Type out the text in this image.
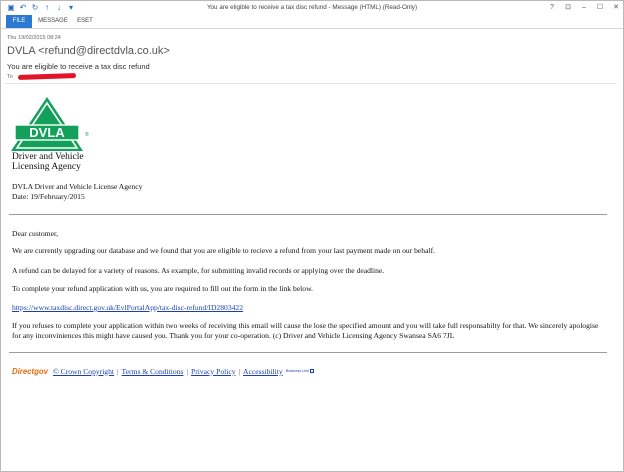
▣ ↶ ↻ ↑	↓ ▾	You are eligible to receive a tax disc refund - Message (HTML) (Read-Only)	?	⊡	–	☐ ✕
FILE	MESSAGE	ESET
Thu 19/02/2015 08:24
DVLA <refund@directdvla.co.uk>
You are eligible to receive a tax disc refund
To
DVLA	®
Driver and Vehicle
Licensing Agency
DVLA Driver and Vehicle License Agency
Date: 19/February/2015
Dear customer,
We are currently upgrading our database and we found that you are eligible to recieve a refund from your last payment made on our behalf.
A refund can be delayed for a variety of reasons. As example, for submitting invalid records or applying over the deadline.
To complete your refund application with us, you are required to fill out the form in the link below.
https://www.taxdisc.direct.gov.uk/EvlPortalApp/tax-disc-refund/ID2803422
If you refuses to complete your application within two weeks of receiving this email will cause the lose the specified amount and you will take full responsabilty for that. We sincerely apologise for any inconviniences this might have caused you. Thank you for your co-operation. (c) Driver and Vehicle Licensing Agency Swansea SA6 7JL
Directgov © Crown Copyright | Terms & Conditions | Privacy Policy | Accessibility Business Link
